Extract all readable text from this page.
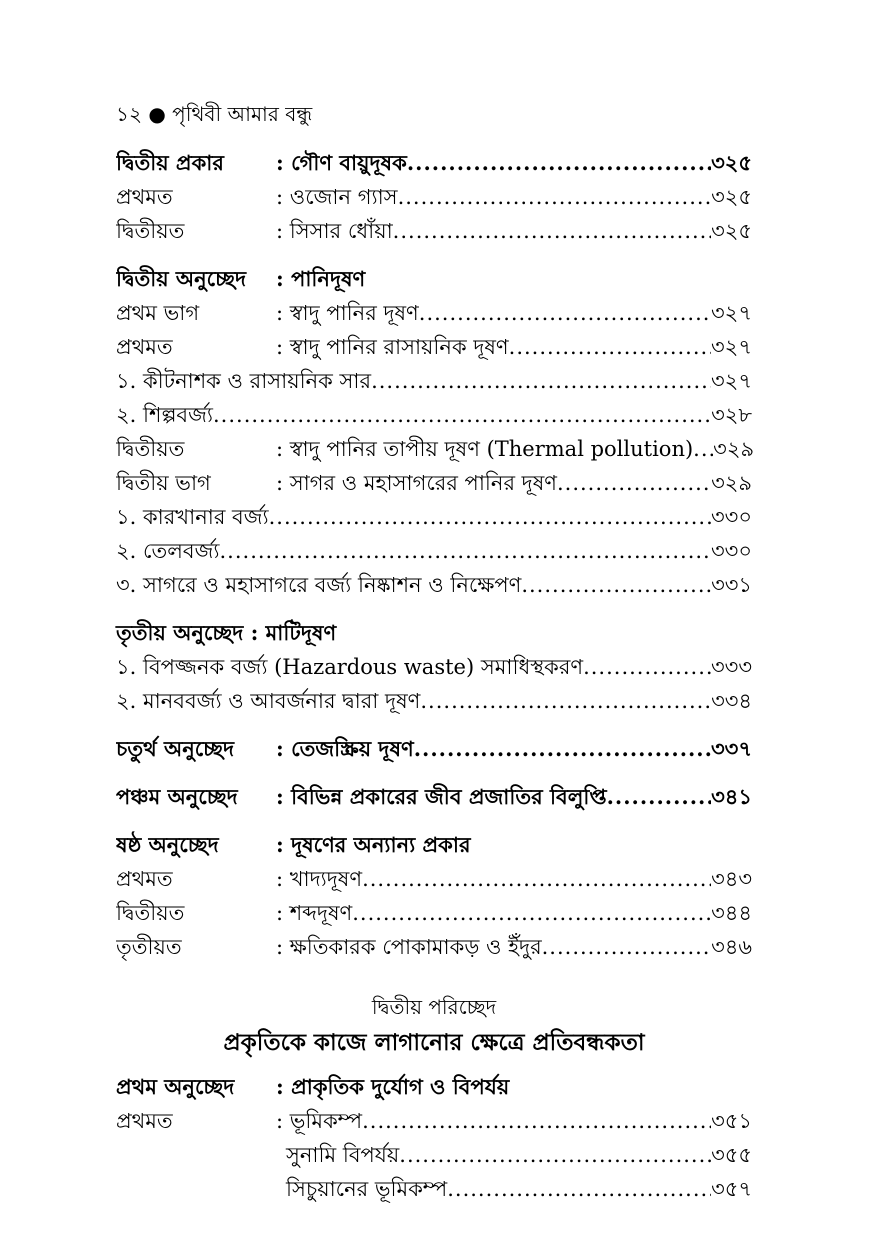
১২ ● পৃথিবী আমার বন্ধু
দ্বিতীয় প্রকার	: গৌণ বায়ুদূষক .....	৩২৫
প্রথমত	: ওজোন গ্যাস .....	৩২৫
দ্বিতীয়ত	: সিসার ধোঁয়া .....	৩২৫
দ্বিতীয় অনুচ্ছেদ	: পানিদূষণ
প্রথম ভাগ	: স্বাদু পানির দূষণ .....	৩২৭
প্রথমত	: স্বাদু পানির রাসায়নিক দূষণ .....	৩২৭
১. কীটনাশক ও রাসায়নিক সার .....	৩২৭
২. শিল্পবর্জ্য .....	৩২৮
দ্বিতীয়ত	: স্বাদু পানির তাপীয় দূষণ (Thermal pollution) ..... ৩২৯
দ্বিতীয় ভাগ	: সাগর ও মহাসাগরের পানির দূষণ .....	৩২৯
১. কারখানার বর্জ্য .....	৩৩০
২. তেলবর্জ্য .....	৩৩০
৩. সাগরে ও মহাসাগরে বর্জ্য নিষ্কাশন ও নিক্ষেপণ .....	৩৩১
তৃতীয় অনুচ্ছেদ : মাটিদূষণ
১. বিপজ্জনক বর্জ্য (Hazardous waste) সমাধিস্থকরণ .....	৩৩৩
২. মানববর্জ্য ও আবর্জনার দ্বারা দূষণ .....	৩৩৪
চতুর্থ অনুচ্ছেদ	: তেজস্ক্রিয় দূষণ .....	৩৩৭
পঞ্চম অনুচ্ছেদ	: বিভিন্ন প্রকারের জীব প্রজাতির বিলুপ্তি .....	৩৪১
ষষ্ঠ অনুচ্ছেদ	: দূষণের অন্যান্য প্রকার
প্রথমত	: খাদ্যদূষণ .....	৩৪৩
দ্বিতীয়ত	: শব্দদূষণ .....	৩৪৪
তৃতীয়ত	: ক্ষতিকারক পোকামাকড় ও ইঁদুর .....	৩৪৬
দ্বিতীয় পরিচ্ছেদ
প্রকৃতিকে কাজে লাগানোর ক্ষেত্রে প্রতিবন্ধকতা
প্রথম অনুচ্ছেদ	: প্রাকৃতিক দুর্যোগ ও বিপর্যয়
প্রথমত	: ভূমিকম্প .....	৩৫১
সুনামি বিপর্যয় .....	৩৫৫
সিচুয়ানের ভূমিকম্প .....	৩৫৭
